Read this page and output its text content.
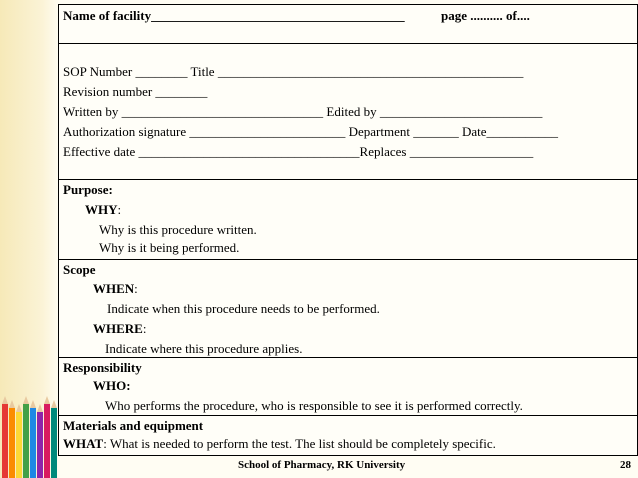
Name of facility_______________________________________	page .......... of....
SOP Number ________ Title _______________________________________________
Revision number ________
Written by _______________________________ Edited by _________________________
Authorization signature ________________________ Department _______ Date___________
Effective date __________________________________Replaces ___________________
Purpose:
WHY:
Why is this procedure written.
Why is it being performed.
Scope
WHEN:
Indicate when this procedure needs to be performed.
WHERE:
Indicate where this procedure applies.
Responsibility
WHO:
Who performs the procedure, who is responsible to see it is performed correctly.
Materials and equipment
WHAT: What is needed to perform the test. The list should be completely specific.
School of Pharmacy, RK University	28
